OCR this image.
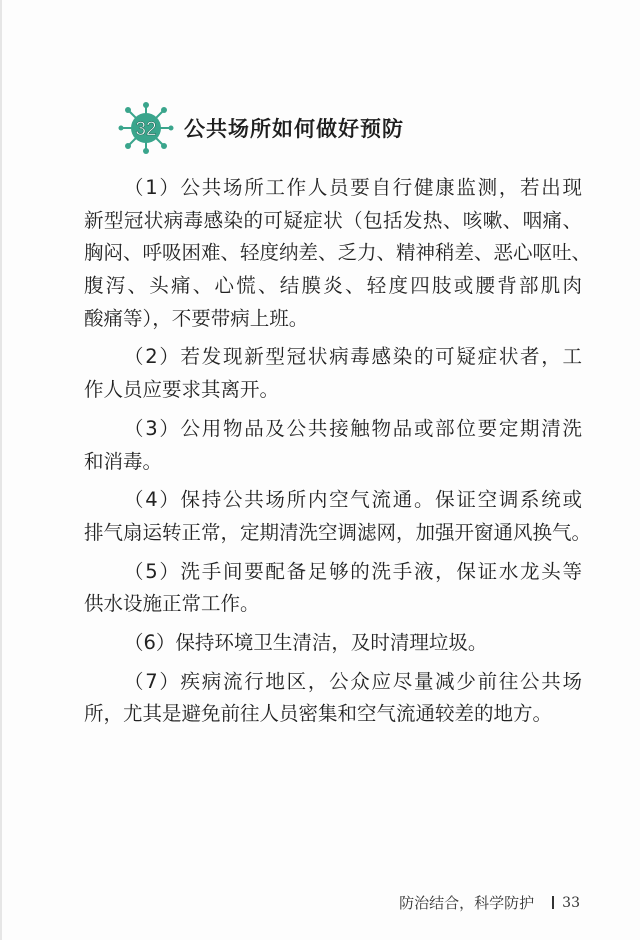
32 公共场所如何做好预防
（1）公共场所工作人员要自行健康监测，若出现
新型冠状病毒感染的可疑症状（包括发热、咳嗽、咽痛、
胸闷、呼吸困难、轻度纳差、乏力、精神稍差、恶心呕吐、
腹泻、头痛、心慌、结膜炎、轻度四肢或腰背部肌肉
酸痛等），不要带病上班。
（2）若发现新型冠状病毒感染的可疑症状者，工
作人员应要求其离开。
（3）公用物品及公共接触物品或部位要定期清洗
和消毒。
（4）保持公共场所内空气流通。保证空调系统或
排气扇运转正常，定期清洗空调滤网，加强开窗通风换气。
（5）洗手间要配备足够的洗手液，保证水龙头等
供水设施正常工作。
（6）保持环境卫生清洁，及时清理垃圾。
（7）疾病流行地区，公众应尽量减少前往公共场
所，尤其是避免前往人员密集和空气流通较差的地方。
防治结合，科学防护 33
